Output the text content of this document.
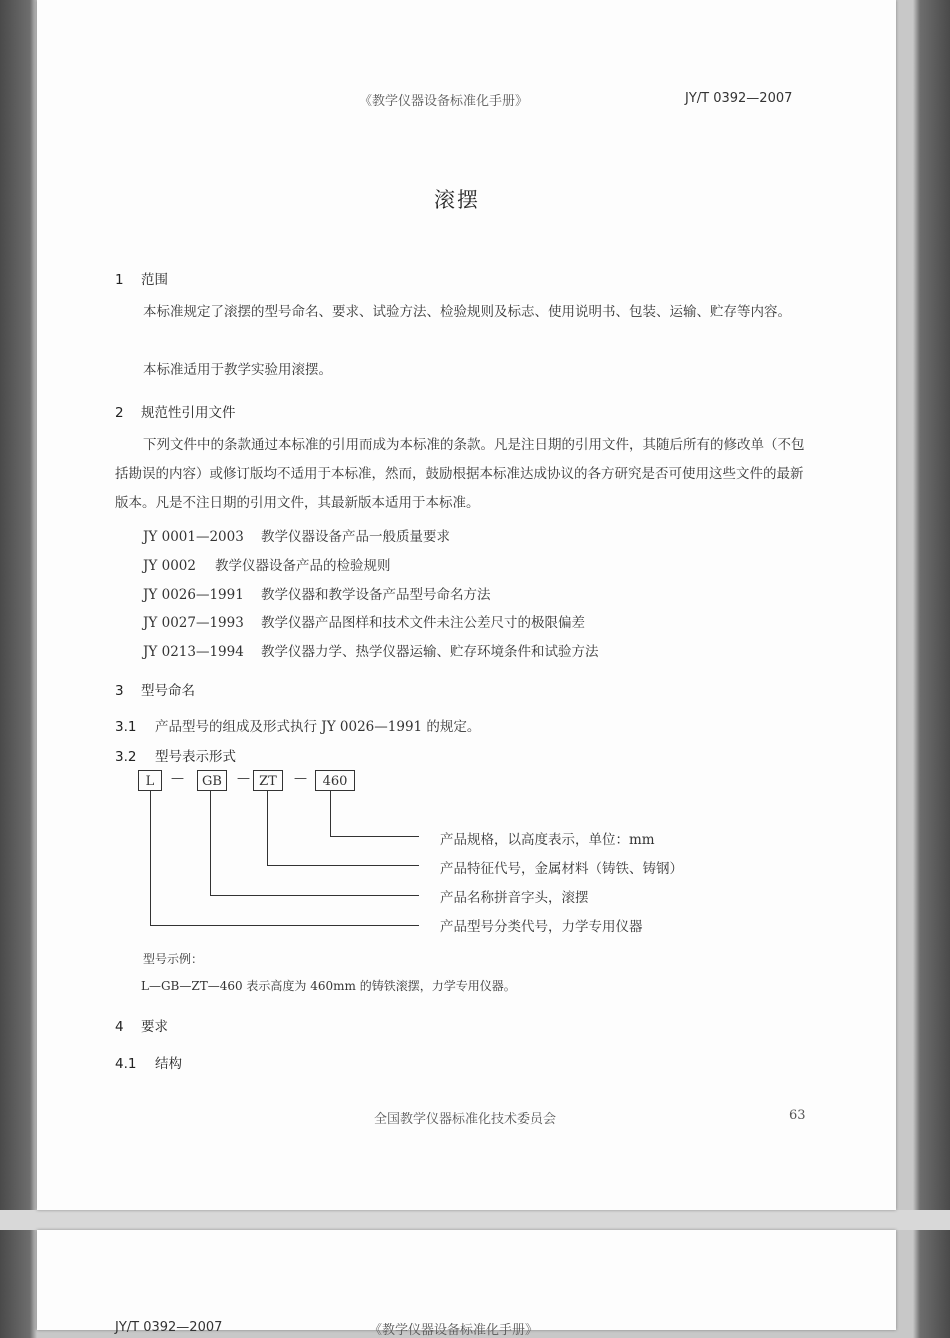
《教学仪器设备标准化手册》	JY/T 0392—2007
滚摆
1 范围
本标准规定了滚摆的型号命名、要求、试验方法、检验规则及标志、使用说明书、包装、运输、贮存等内容。
本标准适用于教学实验用滚摆。
2 规范性引用文件
下列文件中的条款通过本标准的引用而成为本标准的条款。凡是注日期的引用文件，其随后所有的修改单（不包括勘误的内容）或修订版均不适用于本标准，然而，鼓励根据本标准达成协议的各方研究是否可使用这些文件的最新版本。凡是不注日期的引用文件，其最新版本适用于本标准。
JY 0001—2003 教学仪器设备产品一般质量要求
JY 0002 教学仪器设备产品的检验规则
JY 0026—1991 教学仪器和教学设备产品型号命名方法
JY 0027—1993 教学仪器产品图样和技术文件未注公差尺寸的极限偏差
JY 0213—1994 教学仪器力学、热学仪器运输、贮存环境条件和试验方法
3 型号命名
3.1 产品型号的组成及形式执行 JY 0026—1991 的规定。
3.2 型号表示形式
L	—	GB	— ZT	—	460
产品规格，以高度表示，单位：mm
产品特征代号，金属材料（铸铁、铸钢）
产品名称拼音字头，滚摆
产品型号分类代号，力学专用仪器
型号示例：
L—GB—ZT—460 表示高度为 460mm 的铸铁滚摆，力学专用仪器。
4 要求
4.1 结构
全国教学仪器标准化技术委员会	63
JY/T 0392—2007	《教学仪器设备标准化手册》
